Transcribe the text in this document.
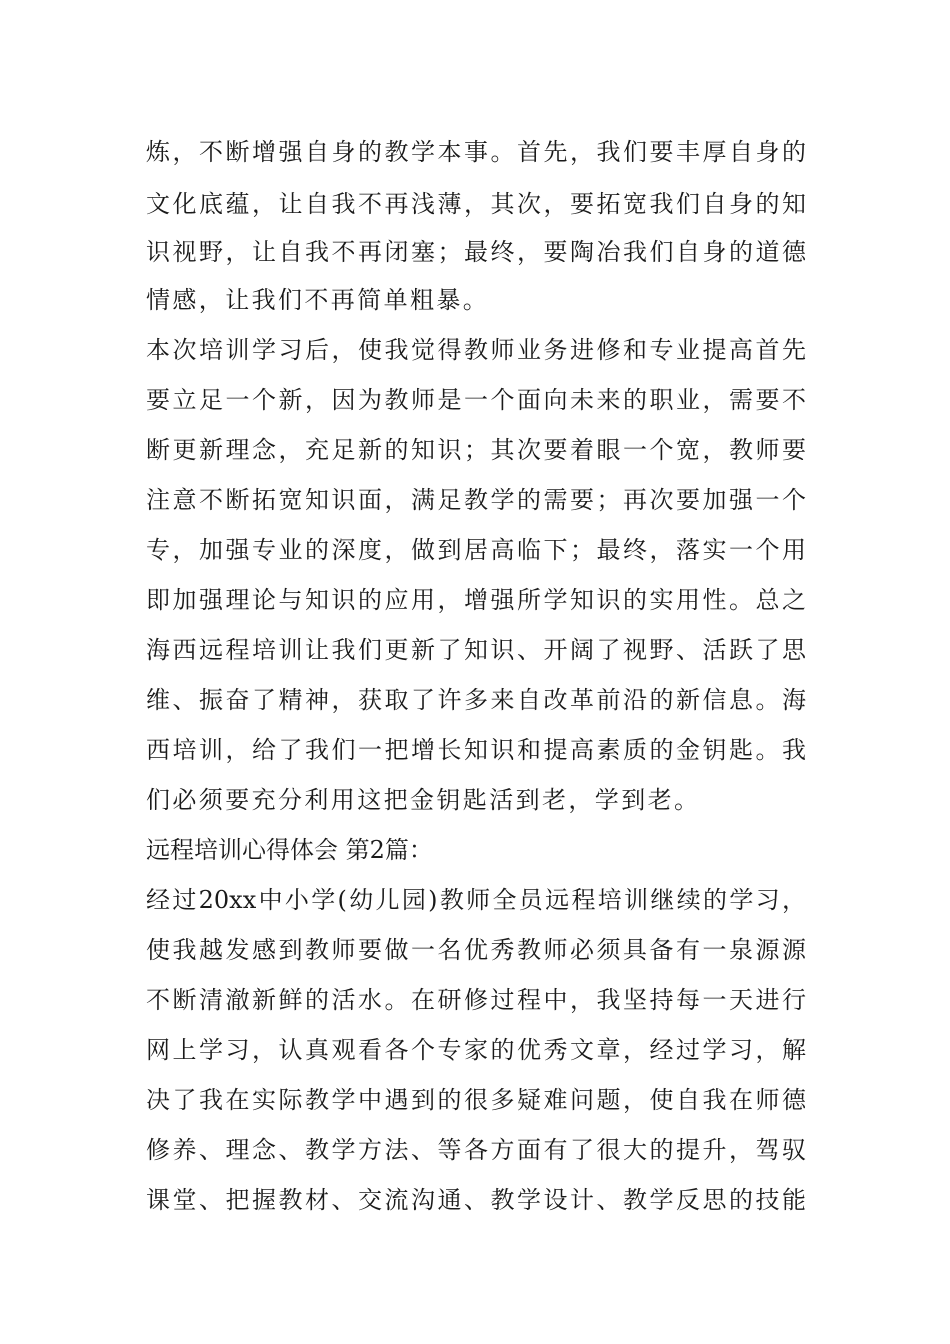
炼，不断增强自身的教学本事。首先，我们要丰厚自身的
文化底蕴，让自我不再浅薄，其次，要拓宽我们自身的知
识视野，让自我不再闭塞；最终，要陶冶我们自身的道德
情感，让我们不再简单粗暴。
本次培训学习后，使我觉得教师业务进修和专业提高首先
要立足一个新，因为教师是一个面向未来的职业，需要不
断更新理念，充足新的知识；其次要着眼一个宽，教师要
注意不断拓宽知识面，满足教学的需要；再次要加强一个
专，加强专业的深度，做到居高临下；最终，落实一个用
即加强理论与知识的应用，增强所学知识的实用性。总之
海西远程培训让我们更新了知识、开阔了视野、活跃了思
维、振奋了精神，获取了许多来自改革前沿的新信息。海
西培训，给了我们一把增长知识和提高素质的金钥匙。我
们必须要充分利用这把金钥匙活到老，学到老。
远程培训心得体会 第2篇：
经过20xx中小学(幼儿园)教师全员远程培训继续的学习，
使我越发感到教师要做一名优秀教师必须具备有一泉源源
不断清澈新鲜的活水。在研修过程中，我坚持每一天进行
网上学习，认真观看各个专家的优秀文章，经过学习，解
决了我在实际教学中遇到的很多疑难问题，使自我在师德
修养、理念、教学方法、等各方面有了很大的提升，驾驭
课堂、把握教材、交流沟通、教学设计、教学反思的技能
